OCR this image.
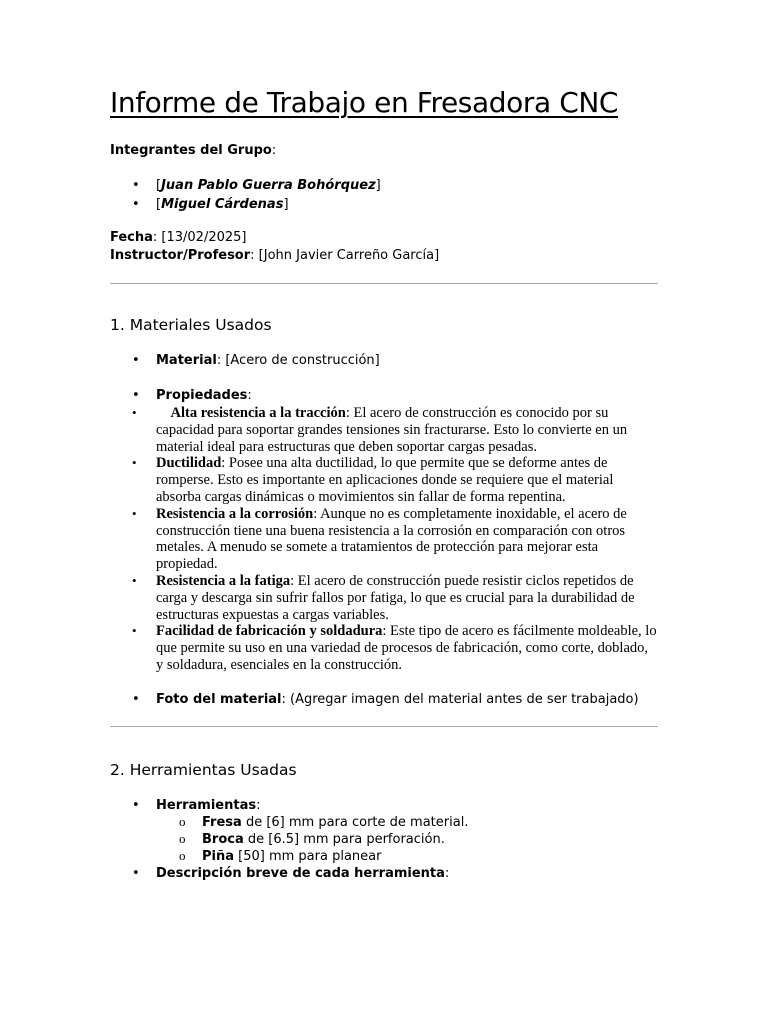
Informe de Trabajo en Fresadora CNC
Integrantes del Grupo:
• [Juan Pablo Guerra Bohórquez]
• [Miguel Cárdenas]
Fecha: [13/02/2025]
Instructor/Profesor: [John Javier Carreño García]
1. Materiales Usados
• Material: [Acero de construcción]
• Propiedades:
• Alta resistencia a la tracción: El acero de construcción es conocido por su capacidad para soportar grandes tensiones sin fracturarse. Esto lo convierte en un material ideal para estructuras que deben soportar cargas pesadas.
• Ductilidad: Posee una alta ductilidad, lo que permite que se deforme antes de romperse. Esto es importante en aplicaciones donde se requiere que el material absorba cargas dinámicas o movimientos sin fallar de forma repentina.
• Resistencia a la corrosión: Aunque no es completamente inoxidable, el acero de construcción tiene una buena resistencia a la corrosión en comparación con otros metales. A menudo se somete a tratamientos de protección para mejorar esta propiedad.
• Resistencia a la fatiga: El acero de construcción puede resistir ciclos repetidos de carga y descarga sin sufrir fallos por fatiga, lo que es crucial para la durabilidad de estructuras expuestas a cargas variables.
• Facilidad de fabricación y soldadura: Este tipo de acero es fácilmente moldeable, lo que permite su uso en una variedad de procesos de fabricación, como corte, doblado, y soldadura, esenciales en la construcción.
• Foto del material: (Agregar imagen del material antes de ser trabajado)
2. Herramientas Usadas
• Herramientas:
o Fresa de [6] mm para corte de material.
o Broca de [6.5] mm para perforación.
o Piña [50] mm para planear
• Descripción breve de cada herramienta:
